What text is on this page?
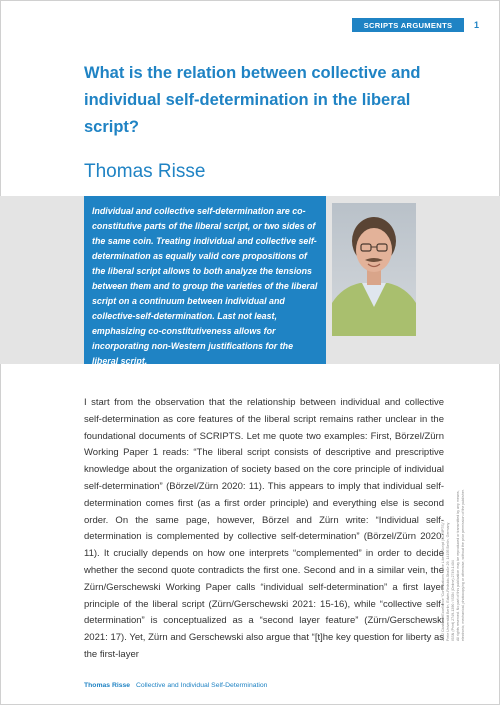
SCRIPTS ARGUMENTS	1
What is the relation between collective and individual self-determination in the liberal script?
Thomas Risse
Individual and collective self-determination are co-constitutive parts of the liberal script, or two sides of the same coin. Treating individual and collective self-determination as equally valid core propositions of the liberal script allows to both analyze the tensions between them and to group the varieties of the liberal script on a continuum between individual and collective-self-determination. Last not least, emphasizing co-constitutiveness allows for incorporating non-Western justifications for the liberal script.

I start from the observation that the relationship between individual and collective self-determination as core features of the liberal script remains rather unclear in the foundational documents of SCRIPTS. Let me quote two examples: First, Börzel/Zürn Working Paper 1 reads: “The liberal script consists of descriptive and prescriptive knowledge about the organization of society based on the core principle of individual self-determination” (Börzel/Zürn 2020: 11). This appears to imply that individual self-determination comes first (as a first order principle) and everything else is second order. On the same page, however, Börzel and Zürn write: “Individual self-determination is complemented by collective self-determination” (Börzel/Zürn 2020: 11). It crucially depends on how one interprets “complemented” in order to decide whether the second quote contradicts the first one. Second and in a similar vein, the Zürn/Gerschewski Working Paper calls “individual self-determination” a first layer principle of the liberal script (Zürn/Gerschewski 2021: 15-16), while “collective self-determination” is conceptualized as a “second layer feature” (Zürn/Gerschewski 2021: 17). Yet, Zürn and Gerschewski also argue that “[t]he key question for liberty as the first-layer

2022 Cluster of Excellence “Contestations of the Liberal Script (SCRIPTS)”, Freie Universität Berlin, Edwin-Redslob-Straße 29, 14195 Berlin, Germany ISSN (Print) 2749-1390 / ISSN (Online) 2749-1404 All rights reserved. No part of this publication may be reproduced or transmitted by any means, electronic, mechanical, photocopying or otherwise, without the prior permission of the publisher.
Thomas Risse Collective and Individual Self-Determination
